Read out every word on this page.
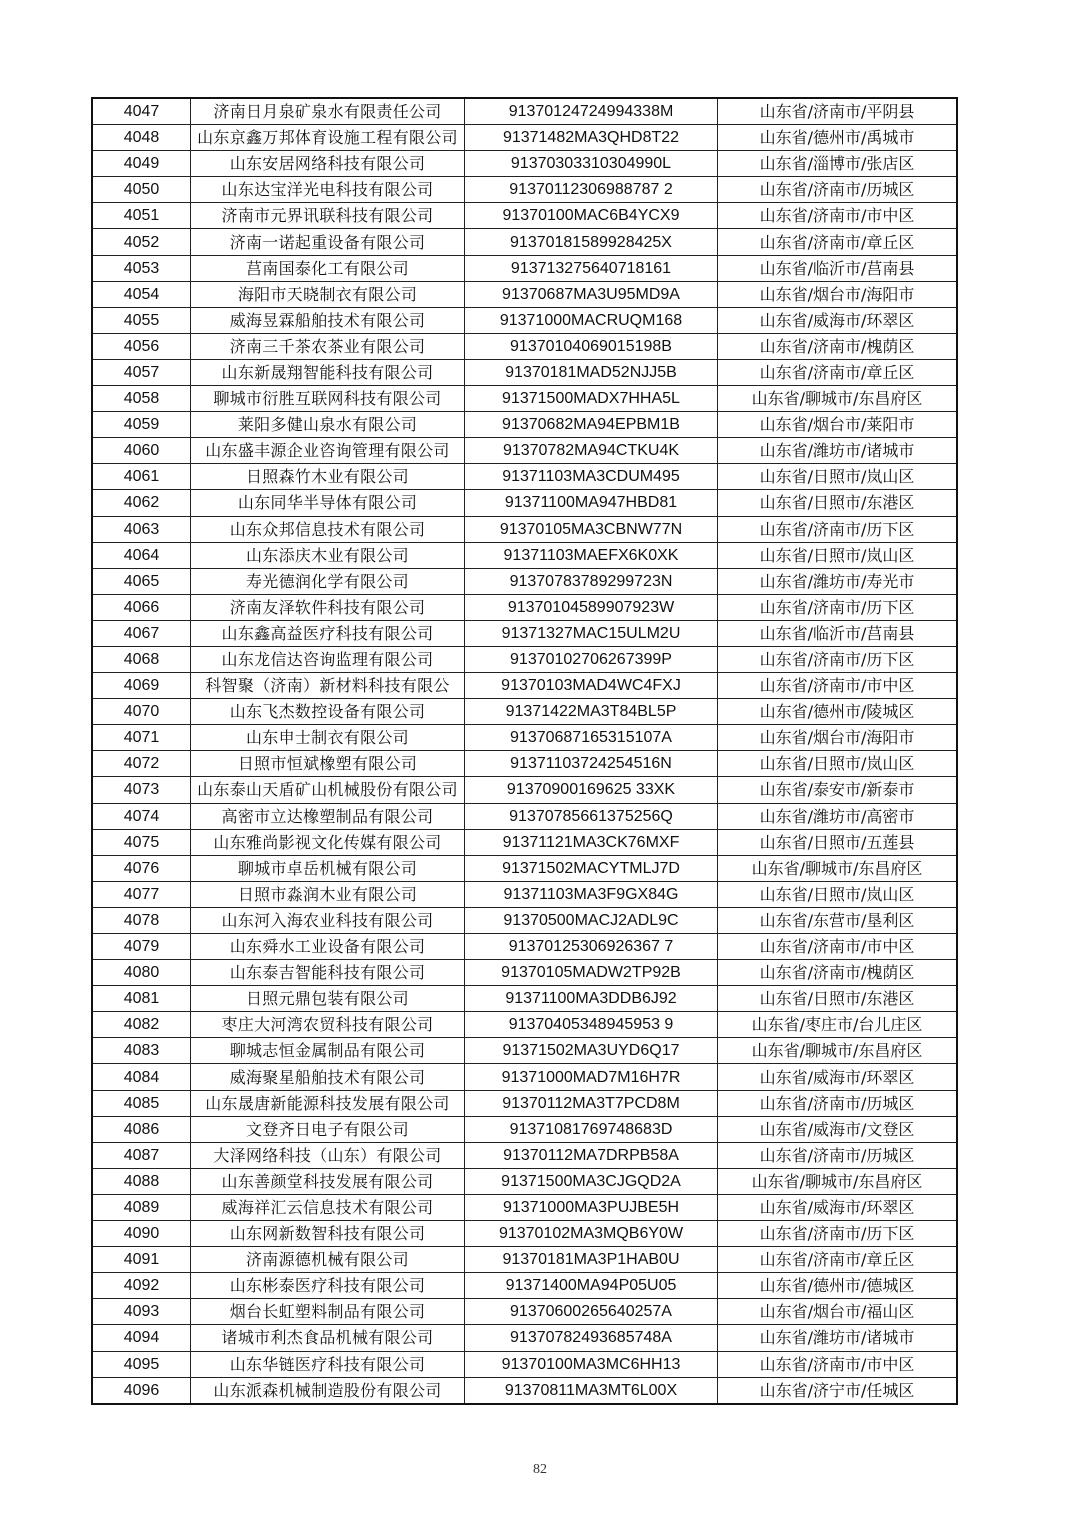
4047	济南日月泉矿泉水有限责任公司	91370124724994338M	山东省/济南市/平阴县
4048	山东京鑫万邦体育设施工程有限公司	91371482MA3QHD8T22	山东省/德州市/禹城市
4049	山东安居网络科技有限公司	91370303310304990L	山东省/淄博市/张店区
4050	山东达宝洋光电科技有限公司	91370112306988787 2	山东省/济南市/历城区
4051	济南市元界讯联科技有限公司	91370100MAC6B4YCX9	山东省/济南市/市中区
4052	济南一诺起重设备有限公司	91370181589928425X	山东省/济南市/章丘区
4053	莒南国泰化工有限公司	913713275640718161	山东省/临沂市/莒南县
4054	海阳市天晓制衣有限公司	91370687MA3U95MD9A	山东省/烟台市/海阳市
4055	威海昱霖船舶技术有限公司	91371000MACRUQM168	山东省/威海市/环翠区
4056	济南三千茶农茶业有限公司	91370104069015198B	山东省/济南市/槐荫区
4057	山东新晟翔智能科技有限公司	91370181MAD52NJJ5B	山东省/济南市/章丘区
4058	聊城市衍胜互联网科技有限公司	91371500MADX7HHA5L	山东省/聊城市/东昌府区
4059	莱阳多健山泉水有限公司	91370682MA94EPBM1B	山东省/烟台市/莱阳市
4060	山东盛丰源企业咨询管理有限公司	91370782MA94CTKU4K	山东省/潍坊市/诸城市
4061	日照森竹木业有限公司	91371103MA3CDUM495	山东省/日照市/岚山区
4062	山东同华半导体有限公司	91371100MA947HBD81	山东省/日照市/东港区
4063	山东众邦信息技术有限公司	91370105MA3CBNW77N	山东省/济南市/历下区
4064	山东添庆木业有限公司	91371103MAEFX6K0XK	山东省/日照市/岚山区
4065	寿光德润化学有限公司	91370783789299723N	山东省/潍坊市/寿光市
4066	济南友泽软件科技有限公司	91370104589907923W	山东省/济南市/历下区
4067	山东鑫高益医疗科技有限公司	91371327MAC15ULM2U	山东省/临沂市/莒南县
4068	山东龙信达咨询监理有限公司	91370102706267399P	山东省/济南市/历下区
4069	科智聚（济南）新材料科技有限公	91370103MAD4WC4FXJ	山东省/济南市/市中区
4070	山东飞杰数控设备有限公司	91371422MA3T84BL5P	山东省/德州市/陵城区
4071	山东申士制衣有限公司	91370687165315107A	山东省/烟台市/海阳市
4072	日照市恒斌橡塑有限公司	91371103724254516N	山东省/日照市/岚山区
4073	山东泰山天盾矿山机械股份有限公司	91370900169625 33XK	山东省/泰安市/新泰市
4074	高密市立达橡塑制品有限公司	91370785661375256Q	山东省/潍坊市/高密市
4075	山东雅尚影视文化传媒有限公司	91371121MA3CK76MXF	山东省/日照市/五莲县
4076	聊城市卓岳机械有限公司	91371502MACYTMLJ7D	山东省/聊城市/东昌府区
4077	日照市淼润木业有限公司	91371103MA3F9GX84G	山东省/日照市/岚山区
4078	山东河入海农业科技有限公司	91370500MACJ2ADL9C	山东省/东营市/垦利区
4079	山东舜水工业设备有限公司	91370125306926367 7	山东省/济南市/市中区
4080	山东泰吉智能科技有限公司	91370105MADW2TP92B	山东省/济南市/槐荫区
4081	日照元鼎包装有限公司	91371100MA3DDB6J92	山东省/日照市/东港区
4082	枣庄大河湾农贸科技有限公司	91370405348945953 9	山东省/枣庄市/台儿庄区
4083	聊城志恒金属制品有限公司	91371502MA3UYD6Q17	山东省/聊城市/东昌府区
4084	威海聚星船舶技术有限公司	91371000MAD7M16H7R	山东省/威海市/环翠区
4085	山东晟唐新能源科技发展有限公司	91370112MA3T7PCD8M	山东省/济南市/历城区
4086	文登齐日电子有限公司	91371081769748683D	山东省/威海市/文登区
4087	大泽网络科技（山东）有限公司	91370112MA7DRPB58A	山东省/济南市/历城区
4088	山东善颜堂科技发展有限公司	91371500MA3CJGQD2A	山东省/聊城市/东昌府区
4089	威海祥汇云信息技术有限公司	91371000MA3PUJBE5H	山东省/威海市/环翠区
4090	山东网新数智科技有限公司	91370102MA3MQB6Y0W	山东省/济南市/历下区
4091	济南源德机械有限公司	91370181MA3P1HAB0U	山东省/济南市/章丘区
4092	山东彬泰医疗科技有限公司	91371400MA94P05U05	山东省/德州市/德城区
4093	烟台长虹塑料制品有限公司	91370600265640257A	山东省/烟台市/福山区
4094	诸城市利杰食品机械有限公司	91370782493685748A	山东省/潍坊市/诸城市
4095	山东华链医疗科技有限公司	91370100MA3MC6HH13	山东省/济南市/市中区
4096	山东派森机械制造股份有限公司	91370811MA3MT6L00X	山东省/济宁市/任城区
82
